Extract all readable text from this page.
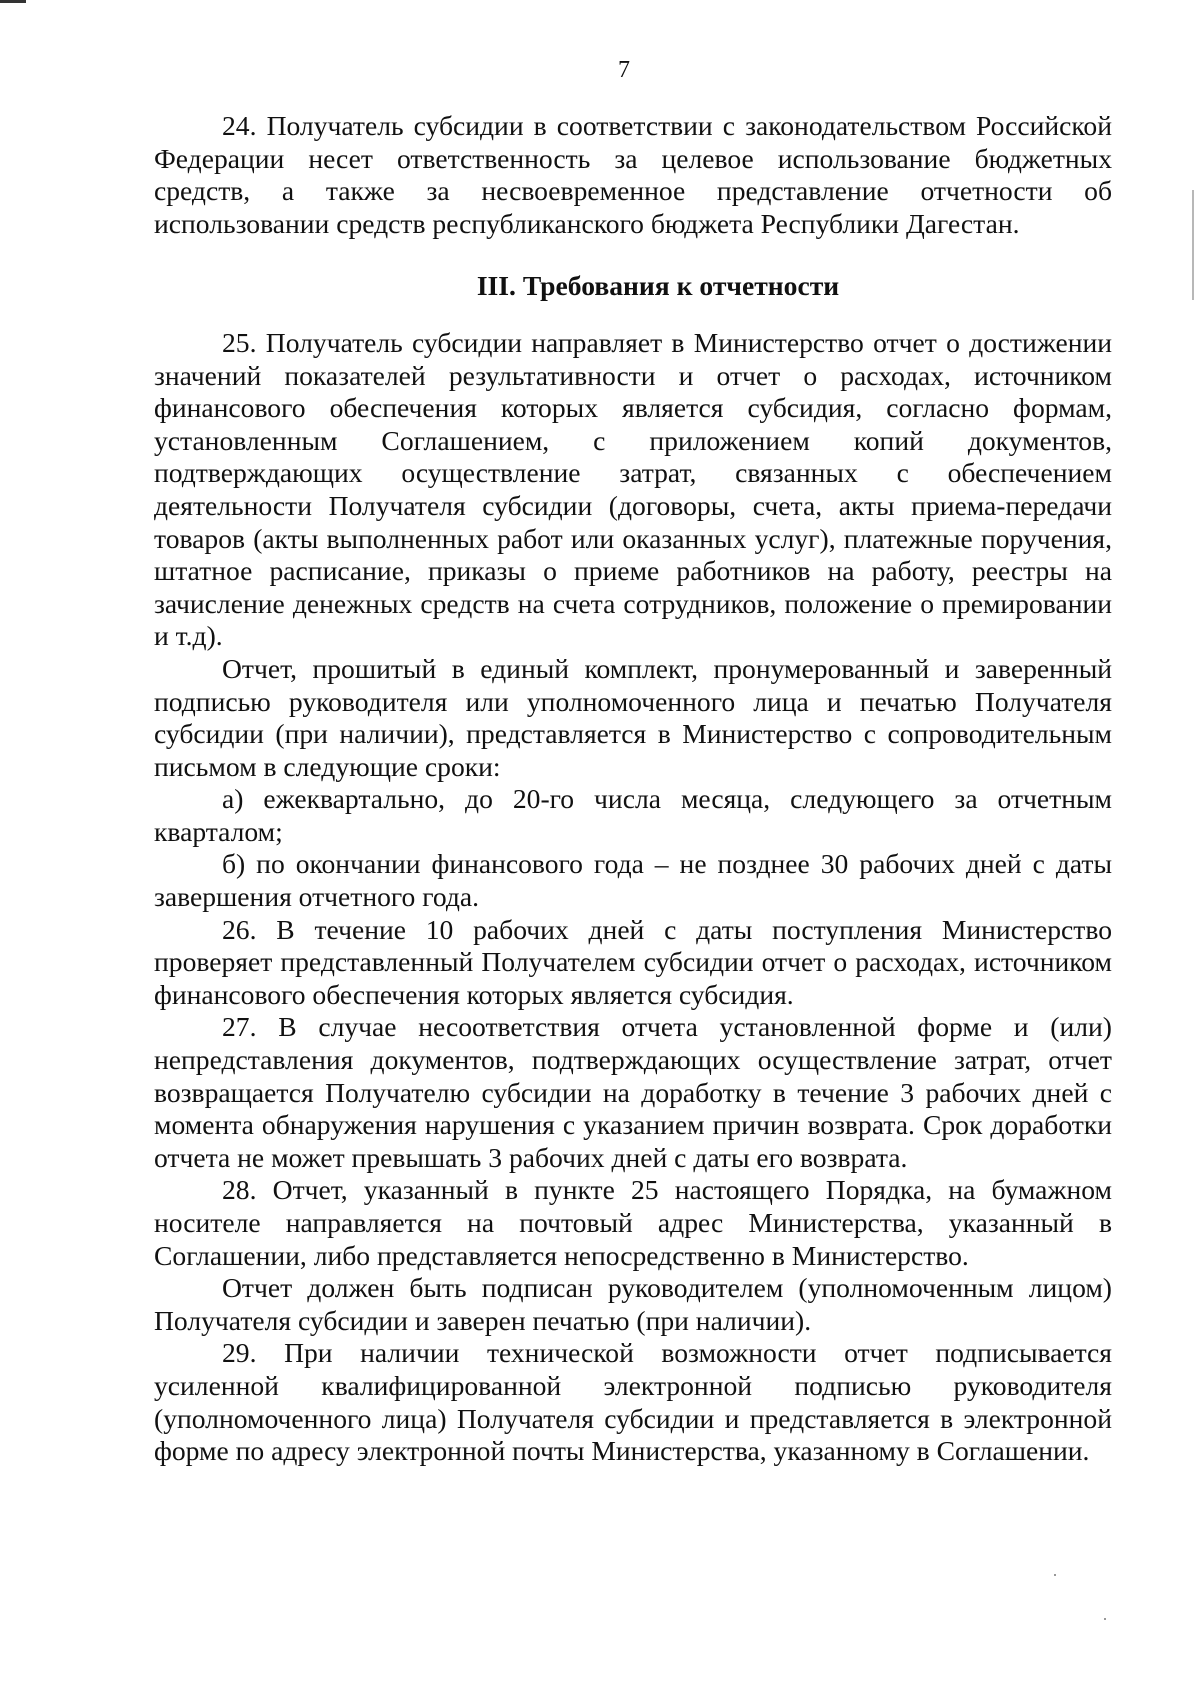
7

24. Получатель субсидии в соответствии с законодательством Российской Федерации несет ответственность за целевое использование бюджетных средств, а также за несвоевременное представление отчетности об использовании средств республиканского бюджета Республики Дагестан.

III. Требования к отчетности

25. Получатель субсидии направляет в Министерство отчет о достижении значений показателей результативности и отчет о расходах, источником финансового обеспечения которых является субсидия, согласно формам, установленным Соглашением, с приложением копий документов, подтверждающих осуществление затрат, связанных с обеспечением деятельности Получателя субсидии (договоры, счета, акты приема-передачи товаров (акты выполненных работ или оказанных услуг), платежные поручения, штатное расписание, приказы о приеме работников на работу, реестры на зачисление денежных средств на счета сотрудников, положение о премировании и т.д).

Отчет, прошитый в единый комплект, пронумерованный и заверенный подписью руководителя или уполномоченного лица и печатью Получателя субсидии (при наличии), представляется в Министерство с сопроводительным письмом в следующие сроки:

а) ежеквартально, до 20-го числа месяца, следующего за отчетным кварталом;

б) по окончании финансового года – не позднее 30 рабочих дней с даты завершения отчетного года.

26. В течение 10 рабочих дней с даты поступления Министерство проверяет представленный Получателем субсидии отчет о расходах, источником финансового обеспечения которых является субсидия.

27. В случае несоответствия отчета установленной форме и (или) непредставления документов, подтверждающих осуществление затрат, отчет возвращается Получателю субсидии на доработку в течение 3 рабочих дней с момента обнаружения нарушения с указанием причин возврата. Срок доработки отчета не может превышать 3 рабочих дней с даты его возврата.

28. Отчет, указанный в пункте 25 настоящего Порядка, на бумажном носителе направляется на почтовый адрес Министерства, указанный в Соглашении, либо представляется непосредственно в Министерство.

Отчет должен быть подписан руководителем (уполномоченным лицом) Получателя субсидии и заверен печатью (при наличии).

29. При наличии технической возможности отчет подписывается усиленной квалифицированной электронной подписью руководителя (уполномоченного лица) Получателя субсидии и представляется в электронной форме по адресу электронной почты Министерства, указанному в Соглашении.
